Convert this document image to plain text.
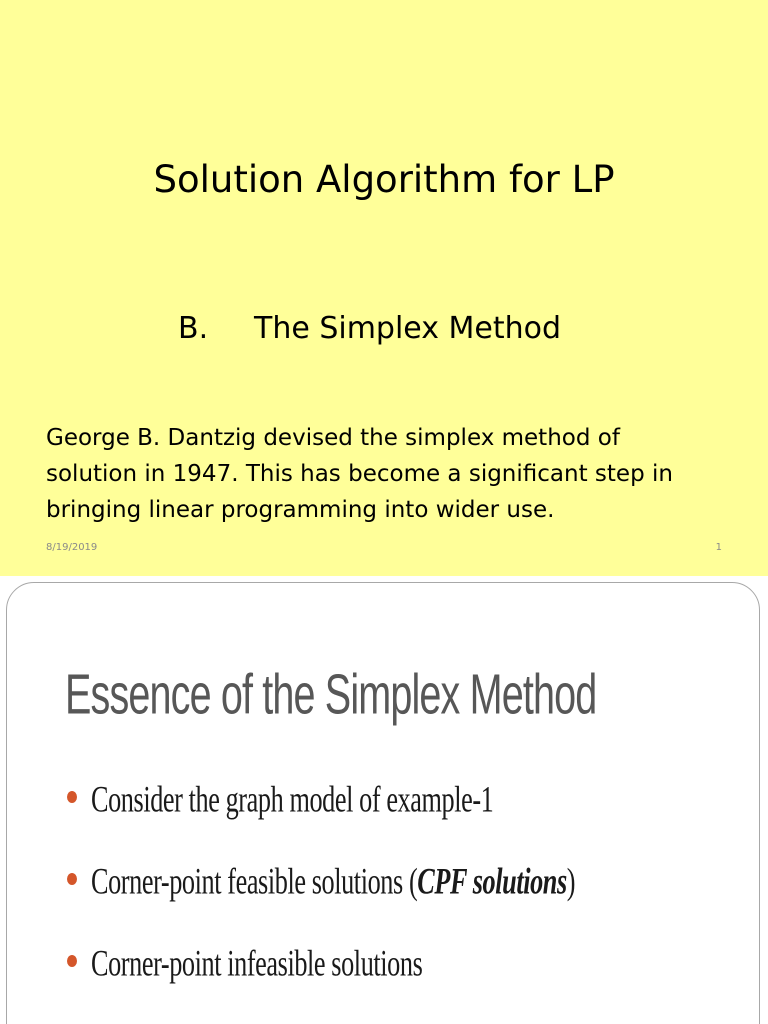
Solution Algorithm for LP
B. The Simplex Method
George B. Dantzig devised the simplex method of
solution in 1947. This has become a significant step in
bringing linear programming into wider use.
8/19/2019	1
Essence of the Simplex Method
Consider the graph model of example-1
Corner-point feasible solutions (CPF solutions)
Corner-point infeasible solutions
